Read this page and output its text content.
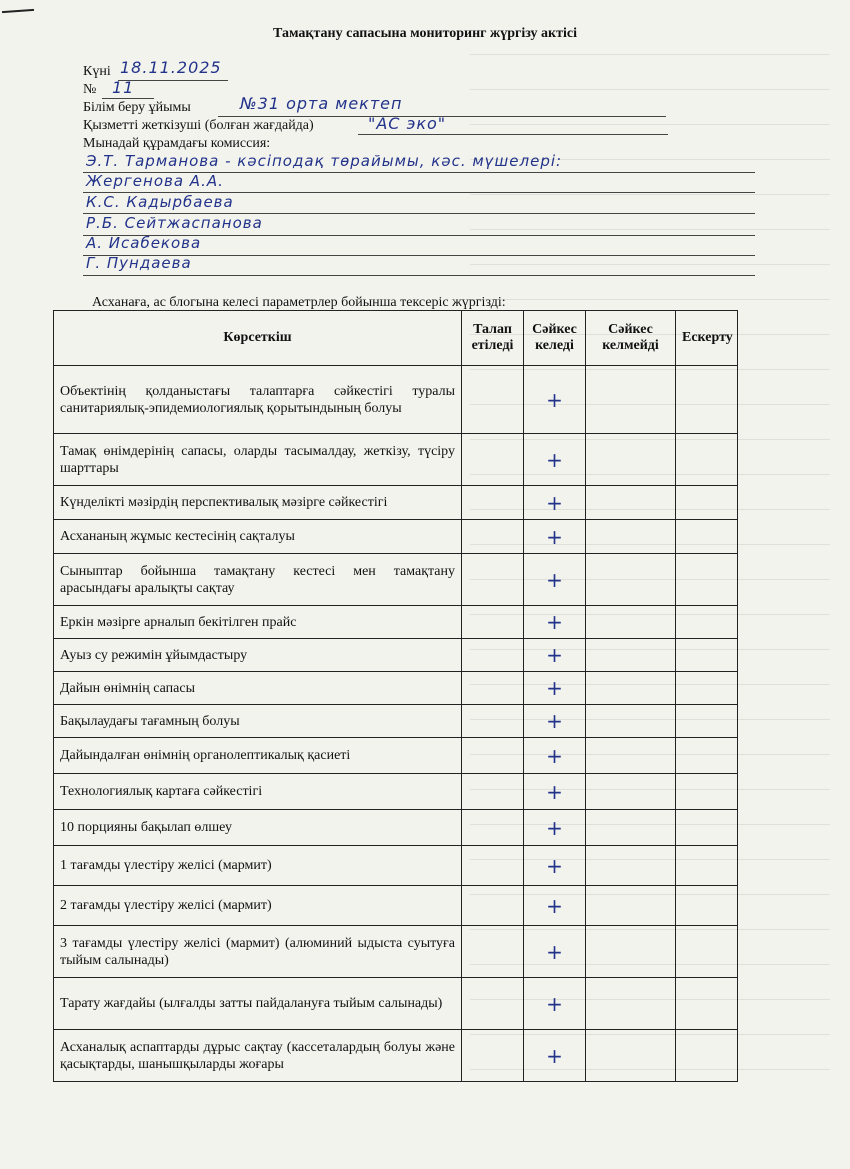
Тамақтану сапасына мониторинг жүргізу актісі
Күні 18.11.2025
№ 11
Білім беру ұйымы	№31 орта мектеп
Қызметті жеткізуші (болған жағдайда)	"АС эко"
Мынадай құрамдағы комиссия:
Э.Т. Тарманова - кәсіподақ төрайымы, кәс. мүшелері:
Жергенова А.А.
К.С. Кадырбаева
Р.Б. Сейтжаспанова
А. Исабекова
Г. Пундаева
Асханаға, ас блогына келесі параметрлер бойынша тексеріс жүргізді:
Көрсеткіш	Талап етіледі	Сәйкес келеді	Сәйкес келмейді	Ескерту
Объектінің қолданыстағы талаптарға сәйкестігі туралы санитариялық-эпидемиологиялық қорытындының болуы		+		
Тамақ өнімдерінің сапасы, оларды тасымалдау, жеткізу, түсіру шарттары		+		
Күнделікті мәзірдің перспективалық мәзірге сәйкестігі		+		
Асхананың жұмыс кестесінің сақталуы		+		
Сыныптар бойынша тамақтану кестесі мен тамақтану арасындағы аралықты сақтау		+		
Еркін мәзірге арналып бекітілген прайс		+		
Ауыз су режимін ұйымдастыру		+		
Дайын өнімнің сапасы		+		
Бақылаудағы тағамның болуы		+		
Дайындалған өнімнің органолептикалық қасиеті		+		
Технологиялық картаға сәйкестігі		+		
10 порцияны бақылап өлшеу		+		
1 тағамды үлестіру желісі (мармит)		+		
2 тағамды үлестіру желісі (мармит)		+		
3 тағамды үлестіру желісі (мармит) (алюминий ыдыста суытуға тыйым салынады)		+		
Тарату жағдайы (ылғалды затты пайдалануға тыйым салынады)		+		
Асханалық аспаптарды дұрыс сақтау (кассеталардың болуы және қасықтарды, шанышқыларды жоғары		+		
